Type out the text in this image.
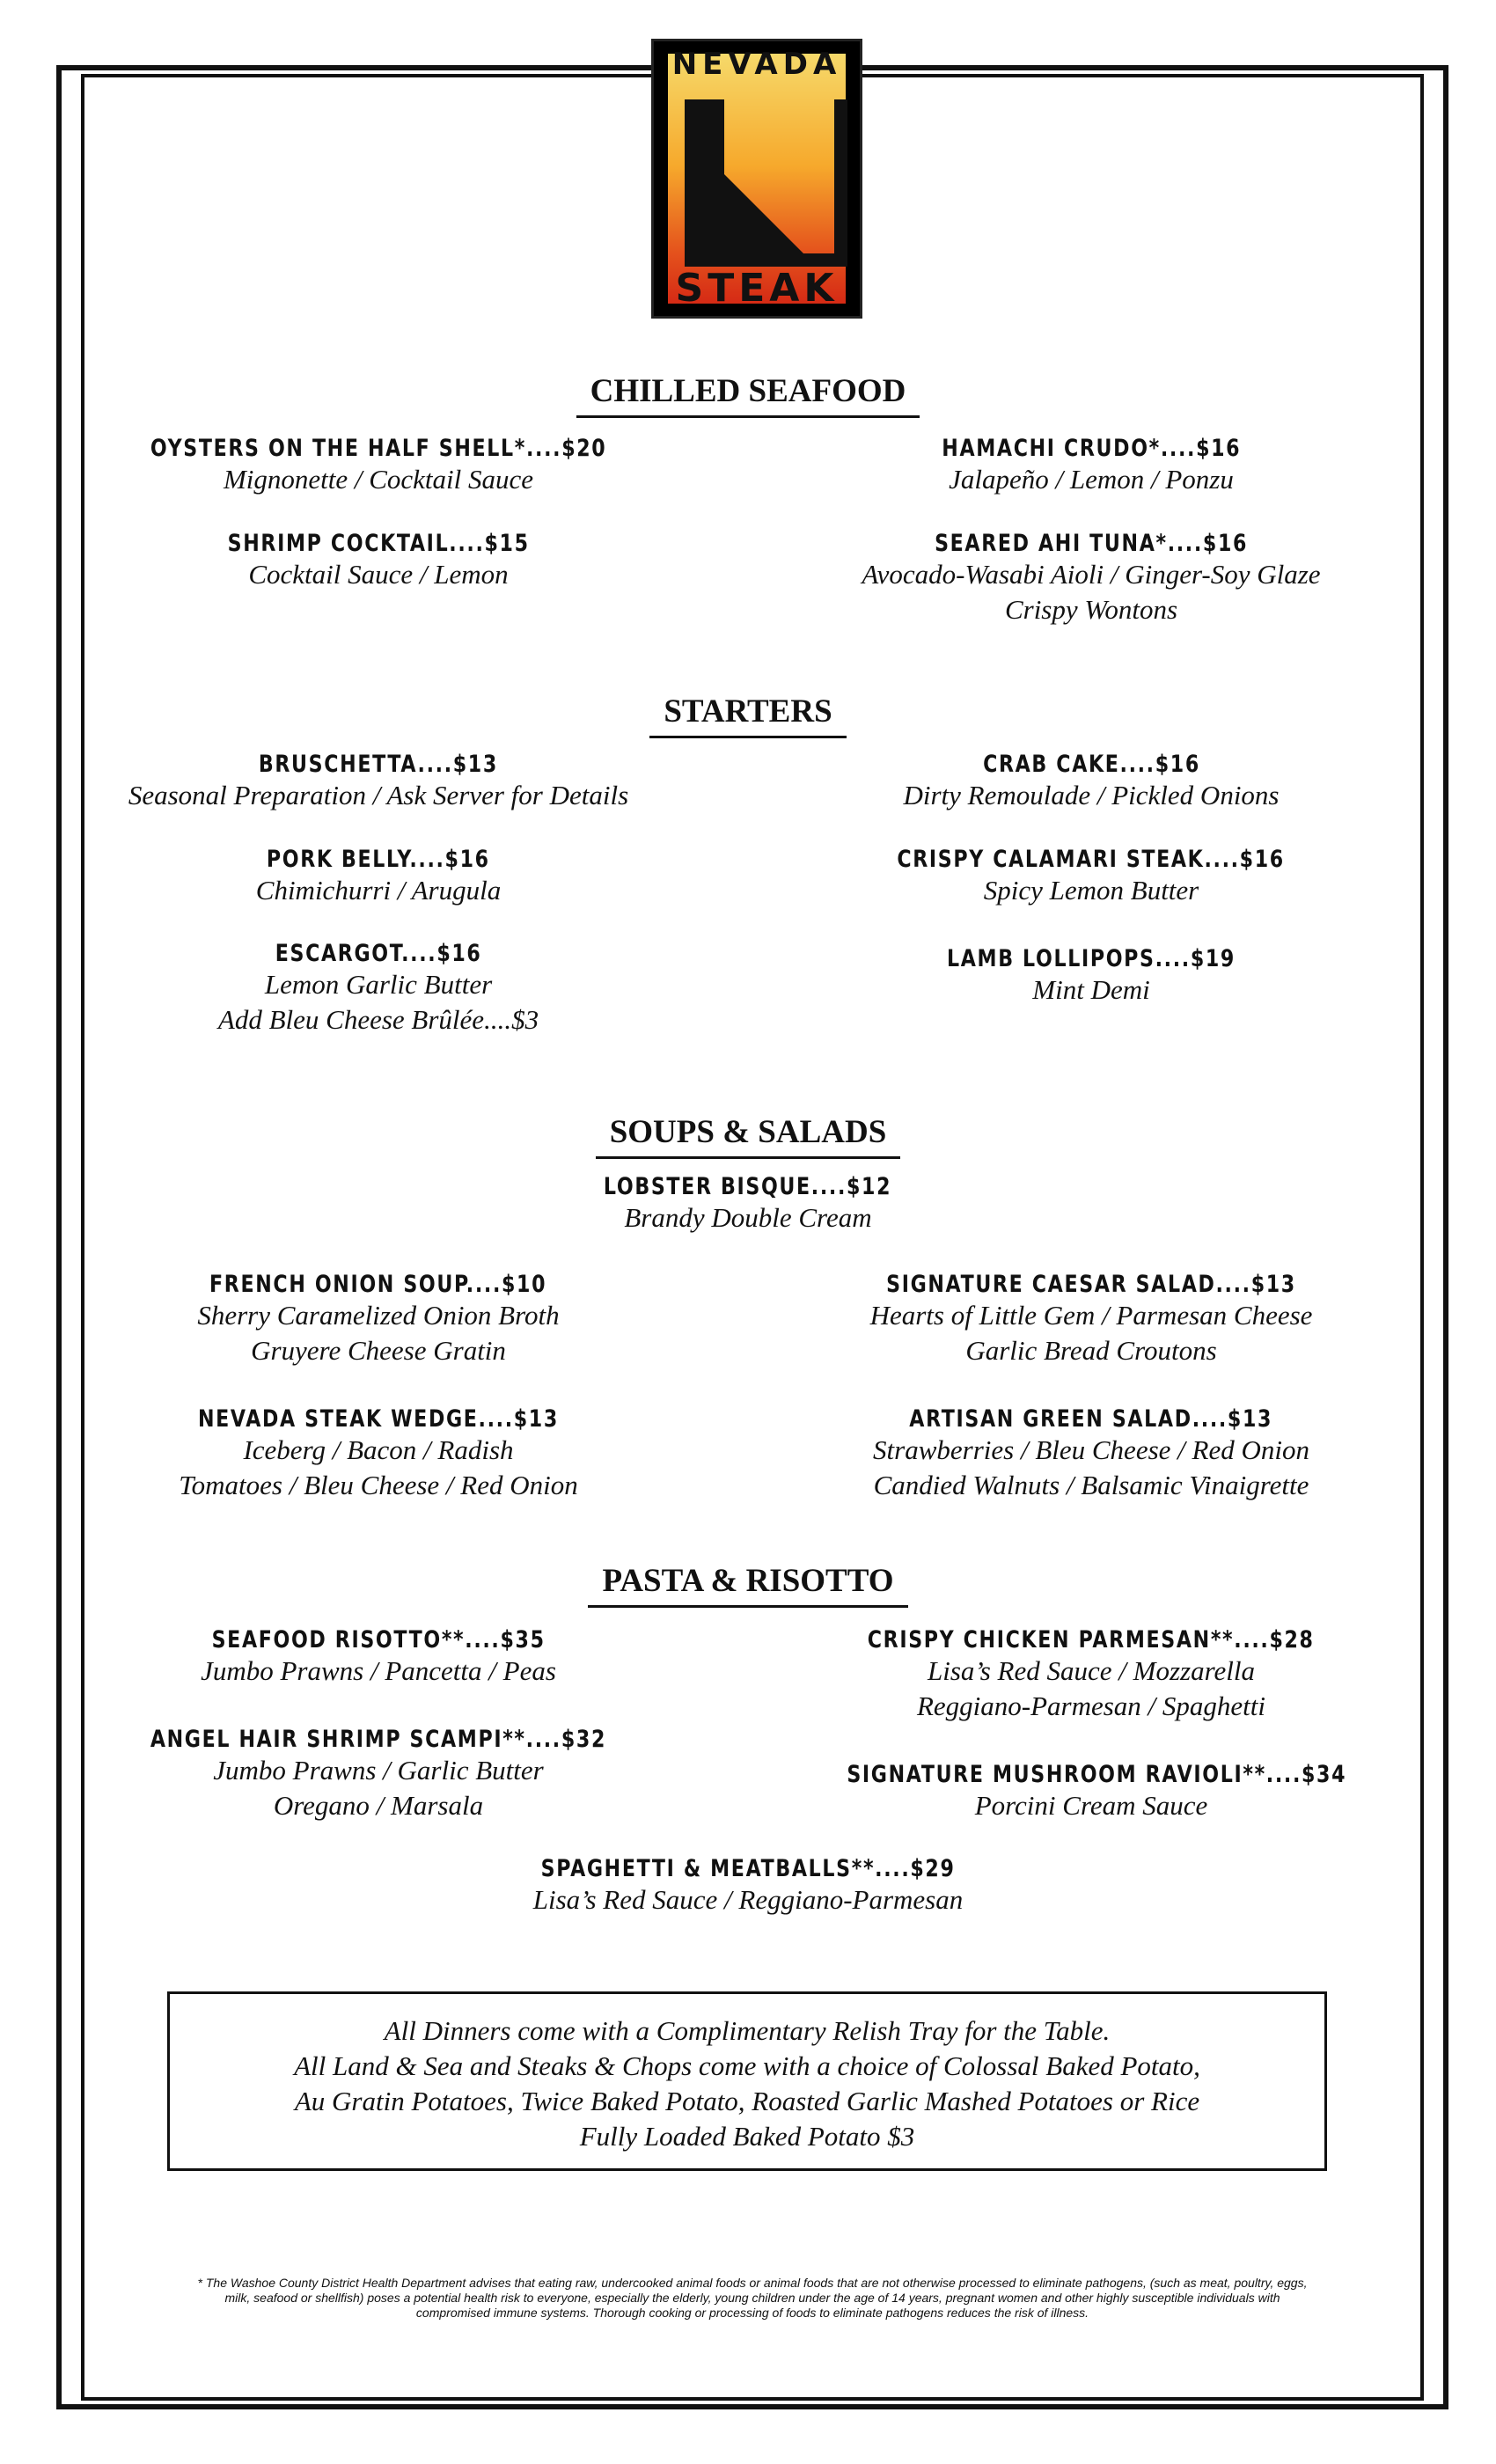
NEVADA
STEAK
CHILLED SEAFOOD
OYSTERS ON THE HALF SHELL*....$20
Mignonette / Cocktail Sauce
HAMACHI CRUDO*....$16
Jalapeño / Lemon / Ponzu
SHRIMP COCKTAIL....$15
Cocktail Sauce / Lemon
SEARED AHI TUNA*....$16
Avocado-Wasabi Aioli / Ginger-Soy Glaze
Crispy Wontons
STARTERS
BRUSCHETTA....$13
Seasonal Preparation / Ask Server for Details
CRAB CAKE....$16
Dirty Remoulade / Pickled Onions
PORK BELLY....$16
Chimichurri / Arugula
CRISPY CALAMARI STEAK....$16
Spicy Lemon Butter
ESCARGOT....$16
Lemon Garlic Butter
Add Bleu Cheese Brûlée....$3
LAMB LOLLIPOPS....$19
Mint Demi
SOUPS & SALADS
LOBSTER BISQUE....$12
Brandy Double Cream
FRENCH ONION SOUP....$10
Sherry Caramelized Onion Broth
Gruyere Cheese Gratin
SIGNATURE CAESAR SALAD....$13
Hearts of Little Gem / Parmesan Cheese
Garlic Bread Croutons
NEVADA STEAK WEDGE....$13
Iceberg / Bacon / Radish
Tomatoes / Bleu Cheese / Red Onion
ARTISAN GREEN SALAD....$13
Strawberries / Bleu Cheese / Red Onion
Candied Walnuts / Balsamic Vinaigrette
PASTA & RISOTTO
SEAFOOD RISOTTO**....$35
Jumbo Prawns / Pancetta / Peas
CRISPY CHICKEN PARMESAN**....$28
Lisa’s Red Sauce / Mozzarella
Reggiano-Parmesan / Spaghetti
ANGEL HAIR SHRIMP SCAMPI**....$32
Jumbo Prawns / Garlic Butter
Oregano / Marsala
SIGNATURE MUSHROOM RAVIOLI**....$34
Porcini Cream Sauce
SPAGHETTI & MEATBALLS**....$29
Lisa’s Red Sauce / Reggiano-Parmesan
All Dinners come with a Complimentary Relish Tray for the Table.
All Land & Sea and Steaks & Chops come with a choice of Colossal Baked Potato,
Au Gratin Potatoes, Twice Baked Potato, Roasted Garlic Mashed Potatoes or Rice
Fully Loaded Baked Potato $3
* The Washoe County District Health Department advises that eating raw, undercooked animal foods or animal foods that are not otherwise processed to eliminate pathogens, (such as meat, poultry, eggs,
milk, seafood or shellfish) poses a potential health risk to everyone, especially the elderly, young children under the age of 14 years, pregnant women and other highly susceptible individuals with
compromised immune systems. Thorough cooking or processing of foods to eliminate pathogens reduces the risk of illness.
